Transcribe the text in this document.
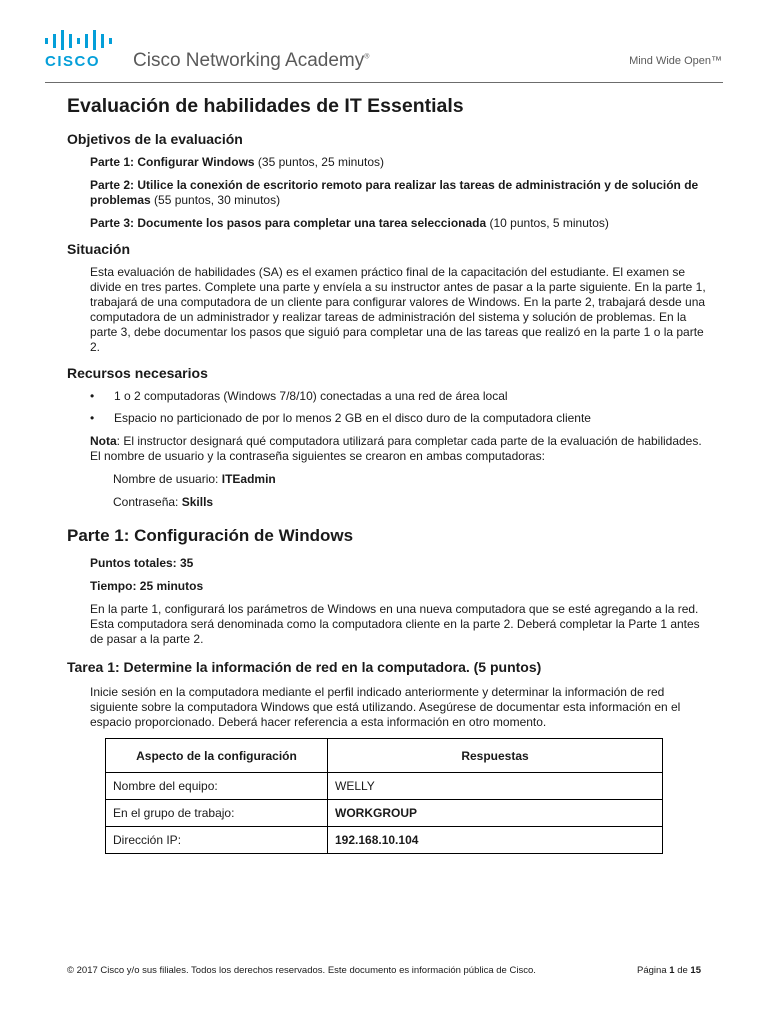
CISCO Cisco Networking Academy®	Mind Wide Open™
Evaluación de habilidades de IT Essentials
Objetivos de la evaluación

Parte 1: Configurar Windows (35 puntos, 25 minutos)

Parte 2: Utilice la conexión de escritorio remoto para realizar las tareas de administración y de solución de problemas (55 puntos, 30 minutos)

Parte 3: Documente los pasos para completar una tarea seleccionada (10 puntos, 5 minutos)

Situación

Esta evaluación de habilidades (SA) es el examen práctico final de la capacitación del estudiante. El examen se divide en tres partes. Complete una parte y envíela a su instructor antes de pasar a la parte siguiente. En la parte 1, trabajará de una computadora de un cliente para configurar valores de Windows. En la parte 2, trabajará desde una computadora de un administrador y realizar tareas de administración del sistema y solución de problemas. En la parte 3, debe documentar los pasos que siguió para completar una de las tareas que realizó en la parte 1 o la parte 2.

Recursos necesarios
• 1 o 2 computadoras (Windows 7/8/10) conectadas a una red de área local
• Espacio no particionado de por lo menos 2 GB en el disco duro de la computadora cliente

Nota: El instructor designará qué computadora utilizará para completar cada parte de la evaluación de habilidades. El nombre de usuario y la contraseña siguientes se crearon en ambas computadoras:

Nombre de usuario: ITEadmin

Contraseña: Skills

Parte 1: Configuración de Windows

Puntos totales: 35

Tiempo: 25 minutos

En la parte 1, configurará los parámetros de Windows en una nueva computadora que se esté agregando a la red. Esta computadora será denominada como la computadora cliente en la parte 2. Deberá completar la Parte 1 antes de pasar a la parte 2.

Tarea 1: Determine la información de red en la computadora. (5 puntos)

Inicie sesión en la computadora mediante el perfil indicado anteriormente y determinar la información de red siguiente sobre la computadora Windows que está utilizando. Asegúrese de documentar esta información en el espacio proporcionado. Deberá hacer referencia a esta información en otro momento.

Aspecto de la configuración	Respuestas
Nombre del equipo:	WELLY
En el grupo de trabajo:	WORKGROUP
Dirección IP:	192.168.10.104
© 2017 Cisco y/o sus filiales. Todos los derechos reservados. Este documento es información pública de Cisco.	Página 1 de 15
